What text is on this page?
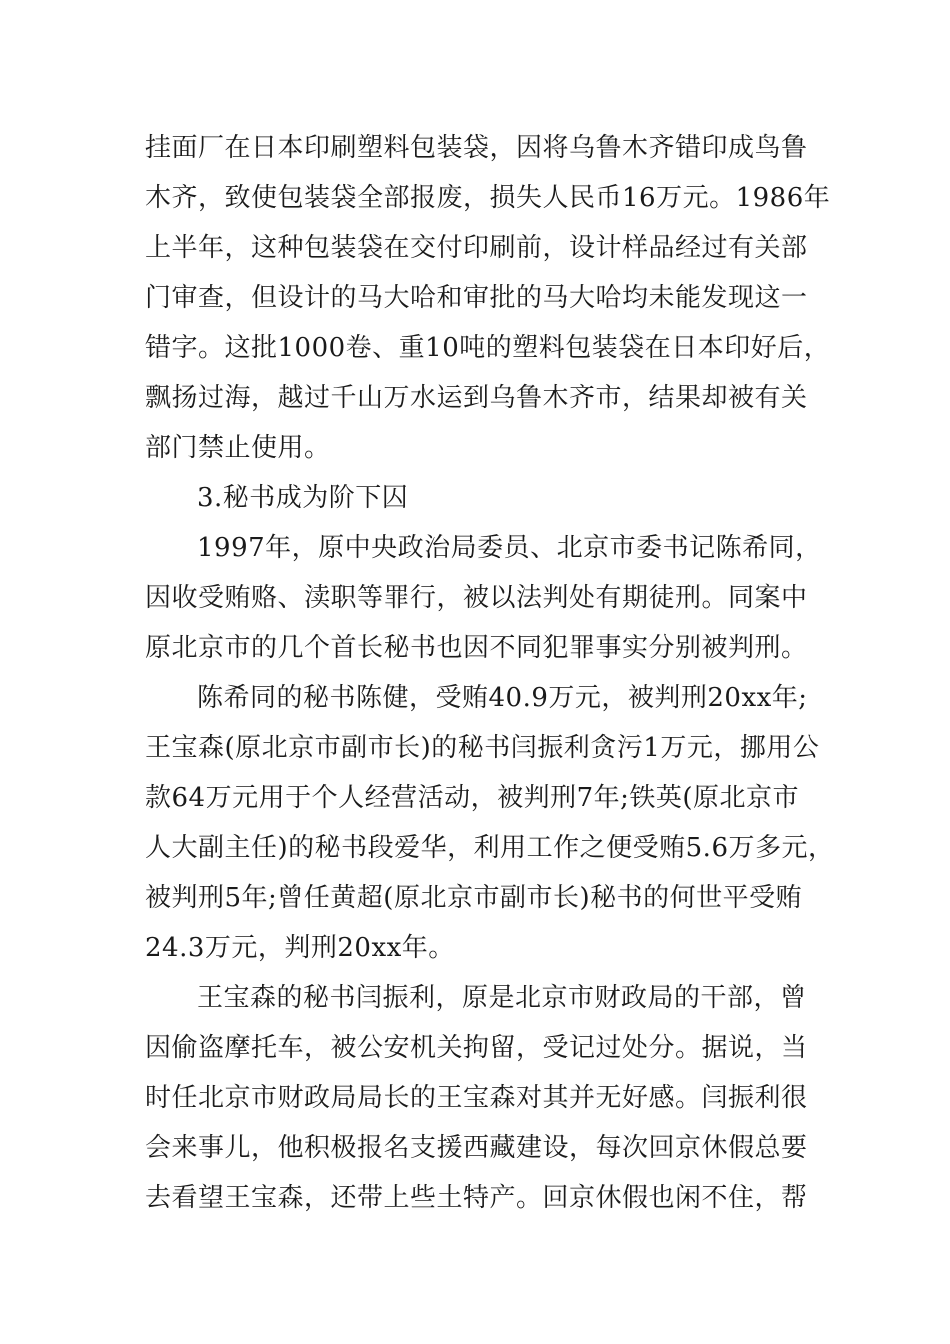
挂面厂在日本印刷塑料包装袋，因将乌鲁木齐错印成鸟鲁
木齐，致使包装袋全部报废，损失人民币16万元。1986年
上半年，这种包装袋在交付印刷前，设计样品经过有关部
门审查，但设计的马大哈和审批的马大哈均未能发现这一
错字。这批1000卷、重10吨的塑料包装袋在日本印好后，
飘扬过海，越过千山万水运到乌鲁木齐市，结果却被有关
部门禁止使用。
3.秘书成为阶下囚
1997年，原中央政治局委员、北京市委书记陈希同，
因收受贿赂、渎职等罪行，被以法判处有期徒刑。同案中
原北京市的几个首长秘书也因不同犯罪事实分别被判刑。
陈希同的秘书陈健，受贿40.9万元，被判刑20xx年;
王宝森(原北京市副市长)的秘书闫振利贪污1万元，挪用公
款64万元用于个人经营活动，被判刑7年;铁英(原北京市
人大副主任)的秘书段爱华，利用工作之便受贿5.6万多元，
被判刑5年;曾任黄超(原北京市副市长)秘书的何世平受贿
24.3万元，判刑20xx年。
王宝森的秘书闫振利，原是北京市财政局的干部，曾
因偷盗摩托车，被公安机关拘留，受记过处分。据说，当
时任北京市财政局局长的王宝森对其并无好感。闫振利很
会来事儿，他积极报名支援西藏建设，每次回京休假总要
去看望王宝森，还带上些土特产。回京休假也闲不住，帮
